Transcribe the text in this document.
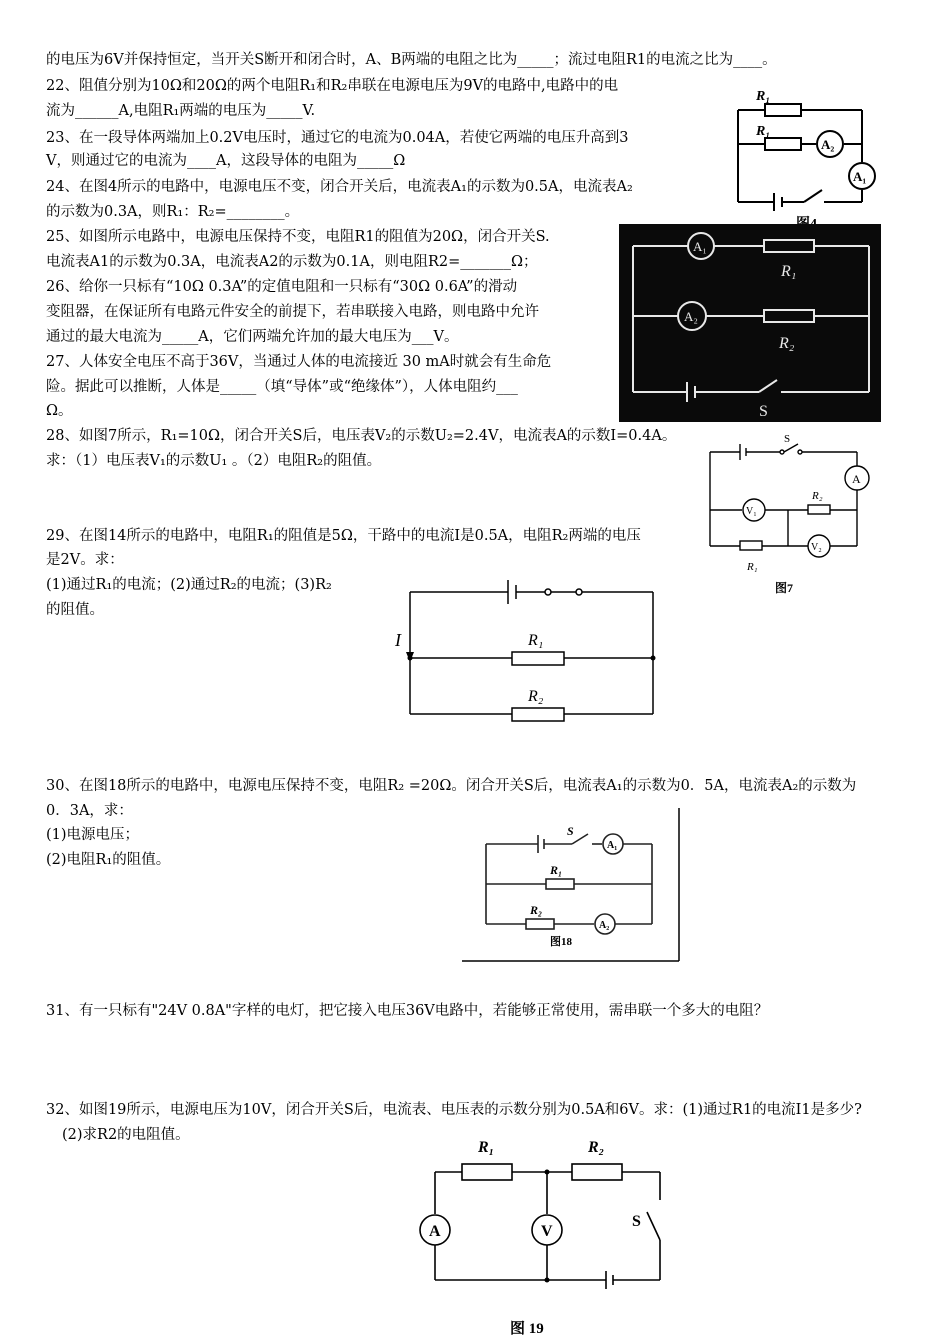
的电压为6V并保持恒定，当开关S断开和闭合时，A、B两端的电阻之比为_____；流过电阻R1的电流之比为____。
22、阻值分别为10Ω和20Ω的两个电阻R₁和R₂串联在电源电压为9V的电路中,电路中的电
流为______A,电阻R₁两端的电压为_____V.
23、在一段导体两端加上0.2V电压时，通过它的电流为0.04A，若使它两端的电压升高到3
V，则通过它的电流为____A，这段导体的电阻为_____Ω
24、在图4所示的电路中，电源电压不变，闭合开关后，电流表A₁的示数为0.5A，电流表A₂
的示数为0.3A，则R₁：R₂=________。
25、如图所示电路中，电源电压保持不变，电阻R1的阻值为20Ω，闭合开关S.
电流表A1的示数为0.3A，电流表A2的示数为0.1A，则电阻R2=_______Ω；
26、给你一只标有“10Ω 0.3A”的定值电阻和一只标有“30Ω 0.6A”的滑动
变阻器，在保证所有电路元件安全的前提下，若串联接入电路，则电路中允许
通过的最大电流为_____A，它们两端允许加的最大电压为___V。
27、人体安全电压不高于36V，当通过人体的电流接近 30 mA时就会有生命危
险。据此可以推断，人体是_____（填“导体”或“绝缘体”），人体电阻约___
Ω。
28、如图7所示，R₁=10Ω，闭合开关S后，电压表V₂的示数U₂=2.4V，电流表A的示数I=0.4A。
求：（1）电压表V₁的示数U₁ 。（2）电阻R₂的阻值。
29、在图14所示的电路中，电阻R₁的阻值是5Ω，干路中的电流I是0.5A，电阻R₂两端的电压
是2V。求：
(1)通过R₁的电流；(2)通过R₂的电流；(3)R₂
的阻值。
30、在图18所示的电路中，电源电压保持不变，电阻R₂ =20Ω。闭合开关S后，电流表A₁的示数为0．5A，电流表A₂的示数为
0．3A，求：
(1)电源电压；
(2)电阻R₁的阻值。
31、有一只标有"24V 0.8A"字样的电灯，把它接入电压36V电路中，若能够正常使用，需串联一个多大的电阻？
32、如图19所示，电源电压为10V，闭合开关S后，电流表、电压表的示数分别为0.5A和6V。求：(1)通过R1的电流I1是多少?
(2)求R2的电阻值。
R₁
R₁
A₂
A₁
A₁
A₂
R₁
R₂
S
S
A
V₁
R₂
V₂
R₁
图7
I	R₁
R₂
S
A₁
R₁
R₂
A₂
图18
R₁	R₂
A	V
S
图 19
